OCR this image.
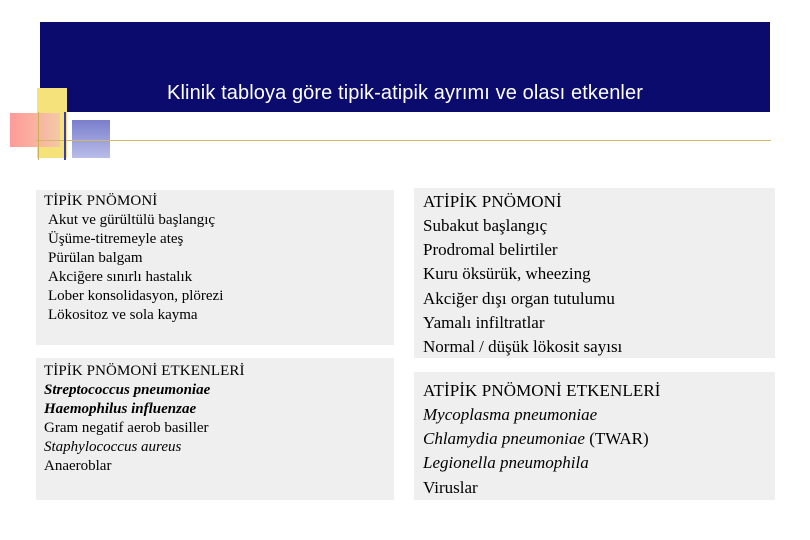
Klinik tabloya göre tipik-atipik ayrımı ve olası etkenler
TİPİK PNÖMONİ
Akut ve gürültülü başlangıç
Üşüme-titremeyle ateş
Pürülan balgam
Akciğere sınırlı hastalık
Lober konsolidasyon, plörezi
Lökositoz ve sola kayma
ATİPİK PNÖMONİ
Subakut başlangıç
Prodromal belirtiler
Kuru öksürük, wheezing
Akciğer dışı organ tutulumu
Yamalı infiltratlar
Normal / düşük lökosit sayısı
TİPİK PNÖMONİ ETKENLERİ
Streptococcus pneumoniae
Haemophilus influenzae
Gram negatif aerob basiller
Staphylococcus aureus
Anaeroblar
ATİPİK PNÖMONİ ETKENLERİ
Mycoplasma pneumoniae
Chlamydia pneumoniae (TWAR)
Legionella pneumophila
Viruslar
